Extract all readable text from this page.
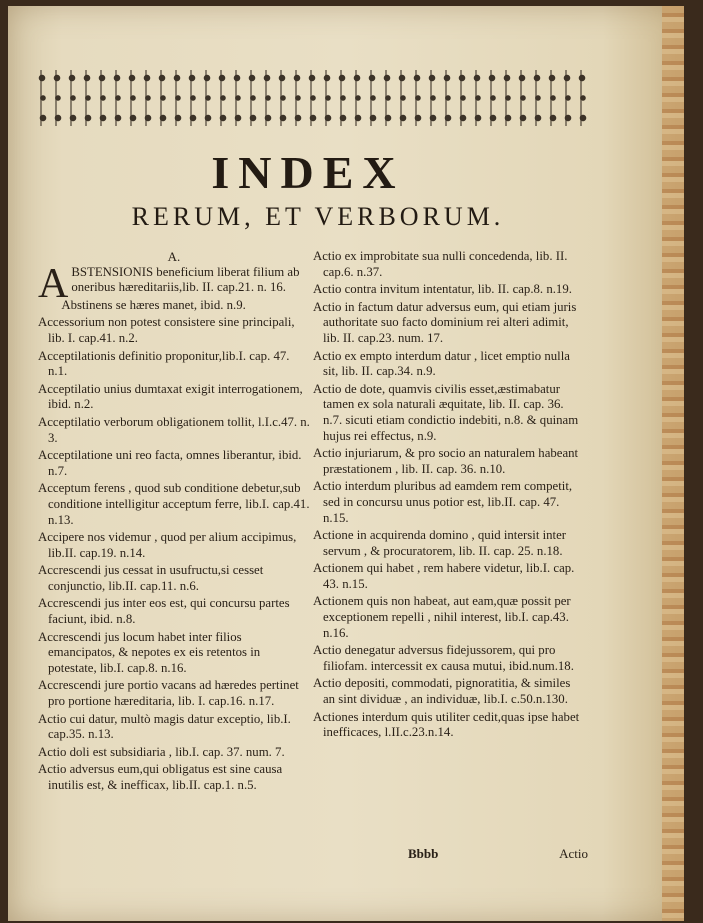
INDEX
RERUM, ET VERBORUM.
A.
A BSTENSIONIS beneficium liberat filium ab oneribus hæreditariis,lib. II. cap.21. n. 16.
Abstinens se hæres manet, ibid. n.9.
Accessorium non potest consistere sine principali, lib. I. cap.41. n.2.
Acceptilationis definitio proponitur,lib.I. cap. 47. n.1.
Acceptilatio unius dumtaxat exigit interrogationem, ibid. n.2.
Acceptilatio verborum obligationem tollit, l.I.c.47. n. 3.
Acceptilatione uni reo facta, omnes liberantur, ibid. n.7.
Acceptum ferens , quod sub conditione debetur,sub conditione intelligitur acceptum ferre, lib.I. cap.41. n.13.
Accipere nos videmur , quod per alium accipimus, lib.II. cap.19. n.14.
Accrescendi jus cessat in usufructu,si cesset conjunctio, lib.II. cap.11. n.6.
Accrescendi jus inter eos est, qui concursu partes faciunt, ibid. n.8.
Accrescendi jus locum habet inter filios emancipatos, & nepotes ex eis retentos in potestate, lib.I. cap.8. n.16.
Accrescendi jure portio vacans ad hæredes pertinet pro portione hæreditaria, lib. I. cap.16. n.17.
Actio cui datur, multò magis datur exceptio, lib.I. cap.35. n.13.
Actio doli est subsidiaria , lib.I. cap. 37. num. 7.
Actio adversus eum,qui obligatus est sine causa inutilis est, & inefficax, lib.II. cap.1. n.5.
Actio ex improbitate sua nulli concedenda, lib. II. cap.6. n.37.
Actio contra invitum intentatur, lib. II. cap.8. n.19.
Actio in factum datur adversus eum, qui etiam juris authoritate suo facto dominium rei alteri adimit, lib. II. cap.23. num. 17.
Actio ex empto interdum datur , licet emptio nulla sit, lib. II. cap.34. n.9.
Actio de dote, quamvis civilis esset,æstimabatur tamen ex sola naturali æquitate, lib. II. cap. 36. n.7. sicuti etiam condictio indebiti, n.8. & quinam hujus rei effectus, n.9.
Actio injuriarum, & pro socio an naturalem habeant præstationem , lib. II. cap. 36. n.10.
Actio interdum pluribus ad eamdem rem competit, sed in concursu unus potior est, lib.II. cap. 47. n.15.
Actione in acquirenda domino , quid intersit inter servum , & procuratorem, lib. II. cap. 25. n.18.
Actionem qui habet , rem habere videtur, lib.I. cap. 43. n.15.
Actionem quis non habeat, aut eam,quæ possit per exceptionem repelli , nihil interest, lib.I. cap.43. n.16.
Actio denegatur adversus fidejussorem, qui pro filiofam. intercessit ex causa mutui, ibid.num.18.
Actio depositi, commodati, pignoratitia, & similes an sint dividuæ , an individuæ, lib.I. c.50.n.130.
Actiones interdum quis utiliter cedit,quas ipse habet inefficaces, l.II.c.23.n.14.
Bbbb	Actio
